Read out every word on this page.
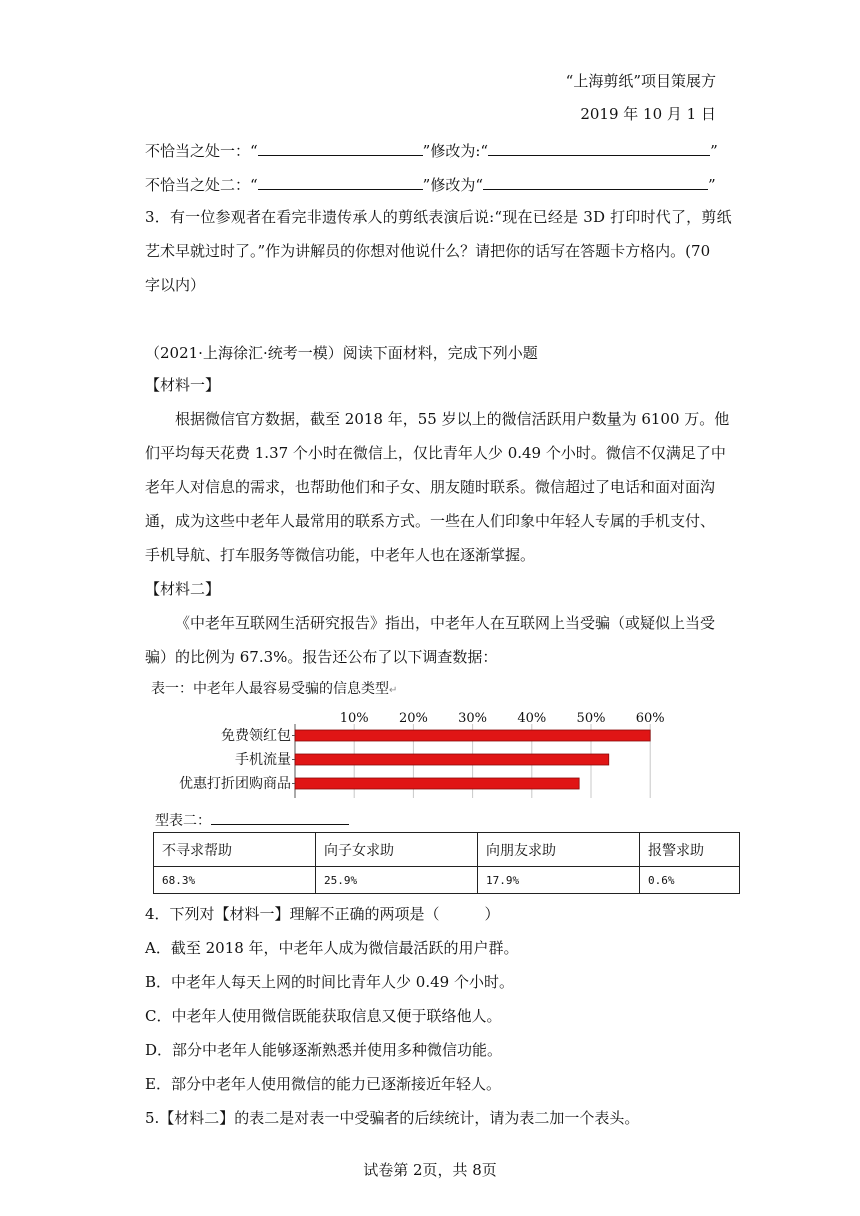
“上海剪纸”项目策展方
2019 年 10 月 1 日
不恰当之处一：“	”修改为:“	”
不恰当之处二：“	”修改为“	”
3．有一位参观者在看完非遗传承人的剪纸表演后说:“现在已经是 3D 打印时代了，剪纸
艺术早就过时了。”作为讲解员的你想对他说什么？请把你的话写在答题卡方格内。(70
字以内）
（2021·上海徐汇·统考一模）阅读下面材料，完成下列小题
【材料一】
根据微信官方数据，截至 2018 年，55 岁以上的微信活跃用户数量为 6100 万。他
们平均每天花费 1.37 个小时在微信上，仅比青年人少 0.49 个小时。微信不仅满足了中
老年人对信息的需求，也帮助他们和子女、朋友随时联系。微信超过了电话和面对面沟
通，成为这些中老年人最常用的联系方式。一些在人们印象中年轻人专属的手机支付、
手机导航、打车服务等微信功能，中老年人也在逐渐掌握。
【材料二】
《中老年互联网生活研究报告》指出，中老年人在互联网上当受骗（或疑似上当受
骗）的比例为 67.3%。报告还公布了以下调查数据：
表一：中老年人最容易受骗的信息类型↵
10% 20% 30% 40% 50% 60%
免费领红包
手机流量
优惠打折团购商品
型表二：
不寻求帮助	向子女求助	向朋友求助	报警求助
68.3%	25.9%	17.9%	0.6%
4．下列对【材料一】理解不正确的两项是（　　　）
A．截至 2018 年，中老年人成为微信最活跃的用户群。
B．中老年人每天上网的时间比青年人少 0.49 个小时。
C．中老年人使用微信既能获取信息又便于联络他人。
D．部分中老年人能够逐渐熟悉并使用多种微信功能。
E．部分中老年人使用微信的能力已逐渐接近年轻人。
5.【材料二】的表二是对表一中受骗者的后续统计，请为表二加一个表头。
试卷第 2页，共 8页
